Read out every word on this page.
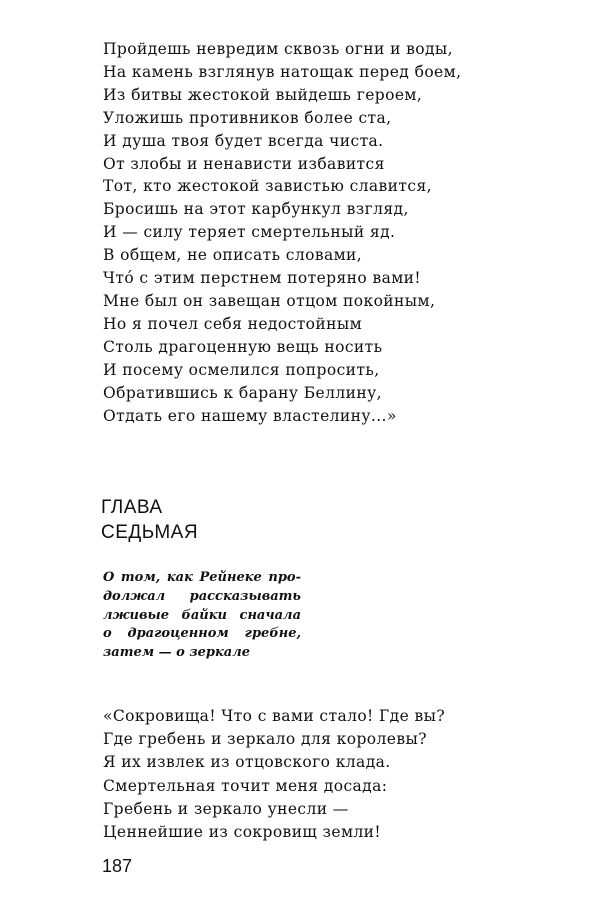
Пройдешь невредим сквозь огни и воды,
На камень взглянув натощак перед боем,
Из битвы жестокой выйдешь героем,
Уложишь противников более ста,
И душа твоя будет всегда чиста.
От злобы и ненависти избавится
Тот, кто жестокой завистью славится,
Бросишь на этот карбункул взгляд,
И — силу теряет смертельный яд.
В общем, не описать словами,
Чтó с этим перстнем потеряно вами!
Мне был он завещан отцом покойным,
Но я почел себя недостойным
Столь драгоценную вещь носить
И посему осмелился попросить,
Обратившись к барану Беллину,
Отдать его нашему властелину...»
ГЛАВА
СЕДЬМАЯ
О том, как Рейнеке про-
должал рассказывать
лживые байки сначала
о драгоценном гребне,
затем — о зеркале
«Сокровища! Что с вами стало! Где вы?
Где гребень и зеркало для королевы?
Я их извлек из отцовского клада.
Смертельная точит меня досада:
Гребень и зеркало унесли —
Ценнейшие из сокровищ земли!
187
